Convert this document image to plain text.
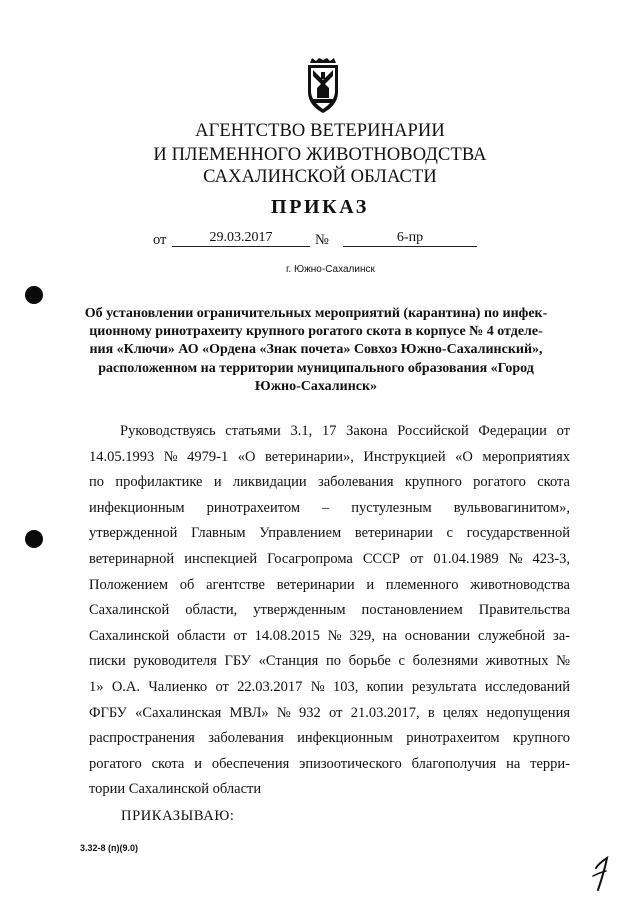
АГЕНТСТВО ВЕТЕРИНАРИИ
И ПЛЕМЕННОГО ЖИВОТНОВОДСТВА
САХАЛИНСКОЙ ОБЛАСТИ
ПРИКАЗ
от	29.03.2017	№	6-пр
г. Южно-Сахалинск
Об установлении ограничительных мероприятий (карантина) по инфек-
ционному ринотрахеиту крупного рогатого скота в корпусе № 4 отделе-
ния «Ключи» АО «Ордена «Знак почета» Совхоз Южно-Сахалинский»,
расположенном на территории муниципального образования «Город
Южно-Сахалинск»
Руководствуясь статьями 3.1, 17 Закона Российской Федерации от
14.05.1993 № 4979-1 «О ветеринарии», Инструкцией «О мероприятиях
по профилактике и ликвидации заболевания крупного рогатого скота
инфекционным ринотрахеитом – пустулезным вульвовагинитом»,
утвержденной Главным Управлением ветеринарии с государственной
ветеринарной инспекцией Госагропрома СССР от 01.04.1989 № 423-3,
Положением об агентстве ветеринарии и племенного животноводства
Сахалинской области, утвержденным постановлением Правительства
Сахалинской области от 14.08.2015 № 329, на основании служебной за-
писки руководителя ГБУ «Станция по борьбе с болезнями животных №
1» О.А. Чалиенко от 22.03.2017 № 103, копии результата исследований
ФГБУ «Сахалинская МВЛ» № 932 от 21.03.2017, в целях недопущения
распространения заболевания инфекционным ринотрахеитом крупного
рогатого скота и обеспечения эпизоотического благополучия на терри-
тории Сахалинской области
ПРИКАЗЫВАЮ:
3.32-8 (п)(9.0)
